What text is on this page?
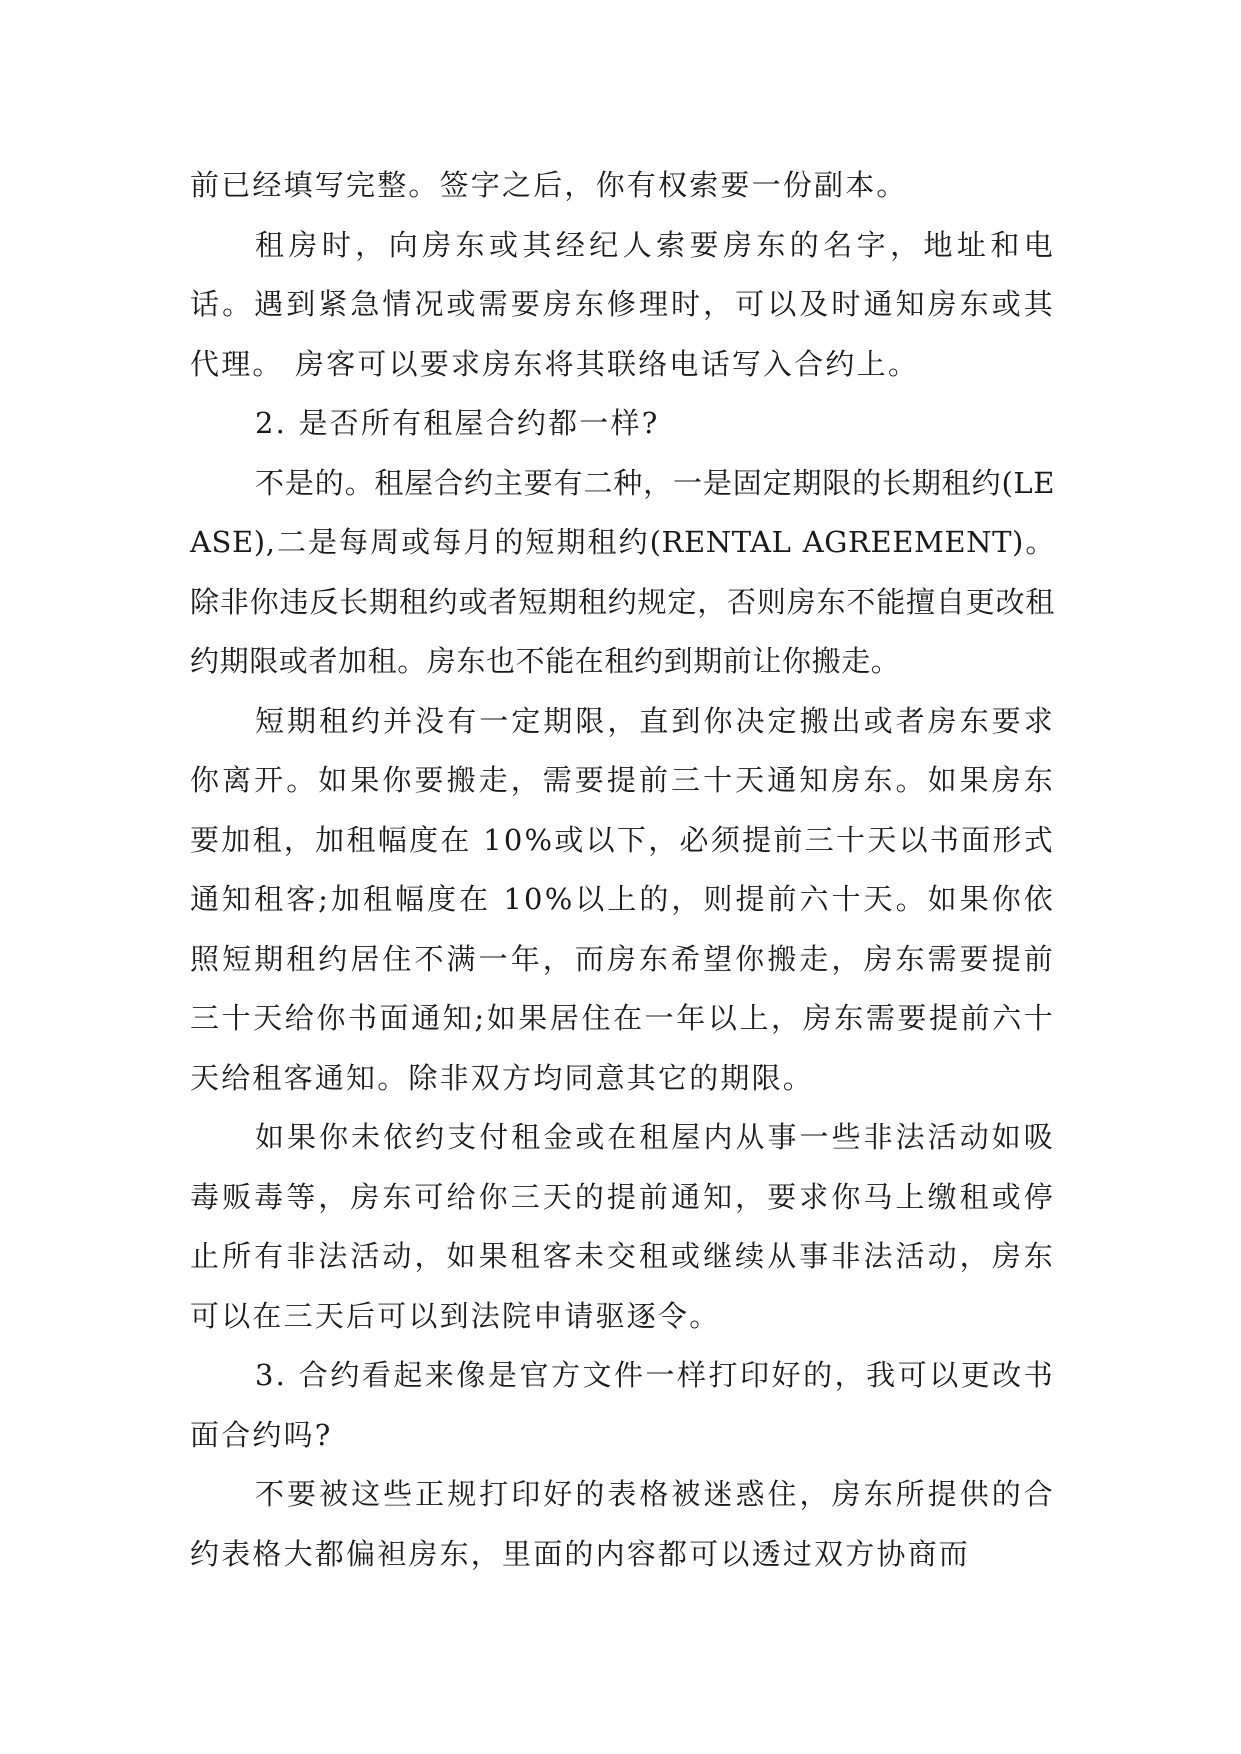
前已经填写完整。签字之后，你有权索要一份副本。

租房时，向房东或其经纪人索要房东的名字，地址和电话。遇到紧急情况或需要房东修理时，可以及时通知房东或其代理。 房客可以要求房东将其联络电话写入合约上。

2. 是否所有租屋合约都一样?

不是的。租屋合约主要有二种，一是固定期限的长期租约(LEASE),二是每周或每月的短期租约(RENTAL AGREEMENT)。除非你违反长期租约或者短期租约规定，否则房东不能擅自更改租约期限或者加租。房东也不能在租约到期前让你搬走。

短期租约并没有一定期限，直到你决定搬出或者房东要求你离开。如果你要搬走，需要提前三十天通知房东。如果房东要加租，加租幅度在 10%或以下，必须提前三十天以书面形式通知租客;加租幅度在 10%以上的，则提前六十天。如果你依照短期租约居住不满一年，而房东希望你搬走，房东需要提前三十天给你书面通知;如果居住在一年以上，房东需要提前六十天给租客通知。除非双方均同意其它的期限。

如果你未依约支付租金或在租屋内从事一些非法活动如吸毒贩毒等，房东可给你三天的提前通知，要求你马上缴租或停止所有非法活动，如果租客未交租或继续从事非法活动，房东可以在三天后可以到法院申请驱逐令。

3. 合约看起来像是官方文件一样打印好的，我可以更改书面合约吗?

不要被这些正规打印好的表格被迷惑住，房东所提供的合约表格大都偏袒房东，里面的内容都可以透过双方协商而
